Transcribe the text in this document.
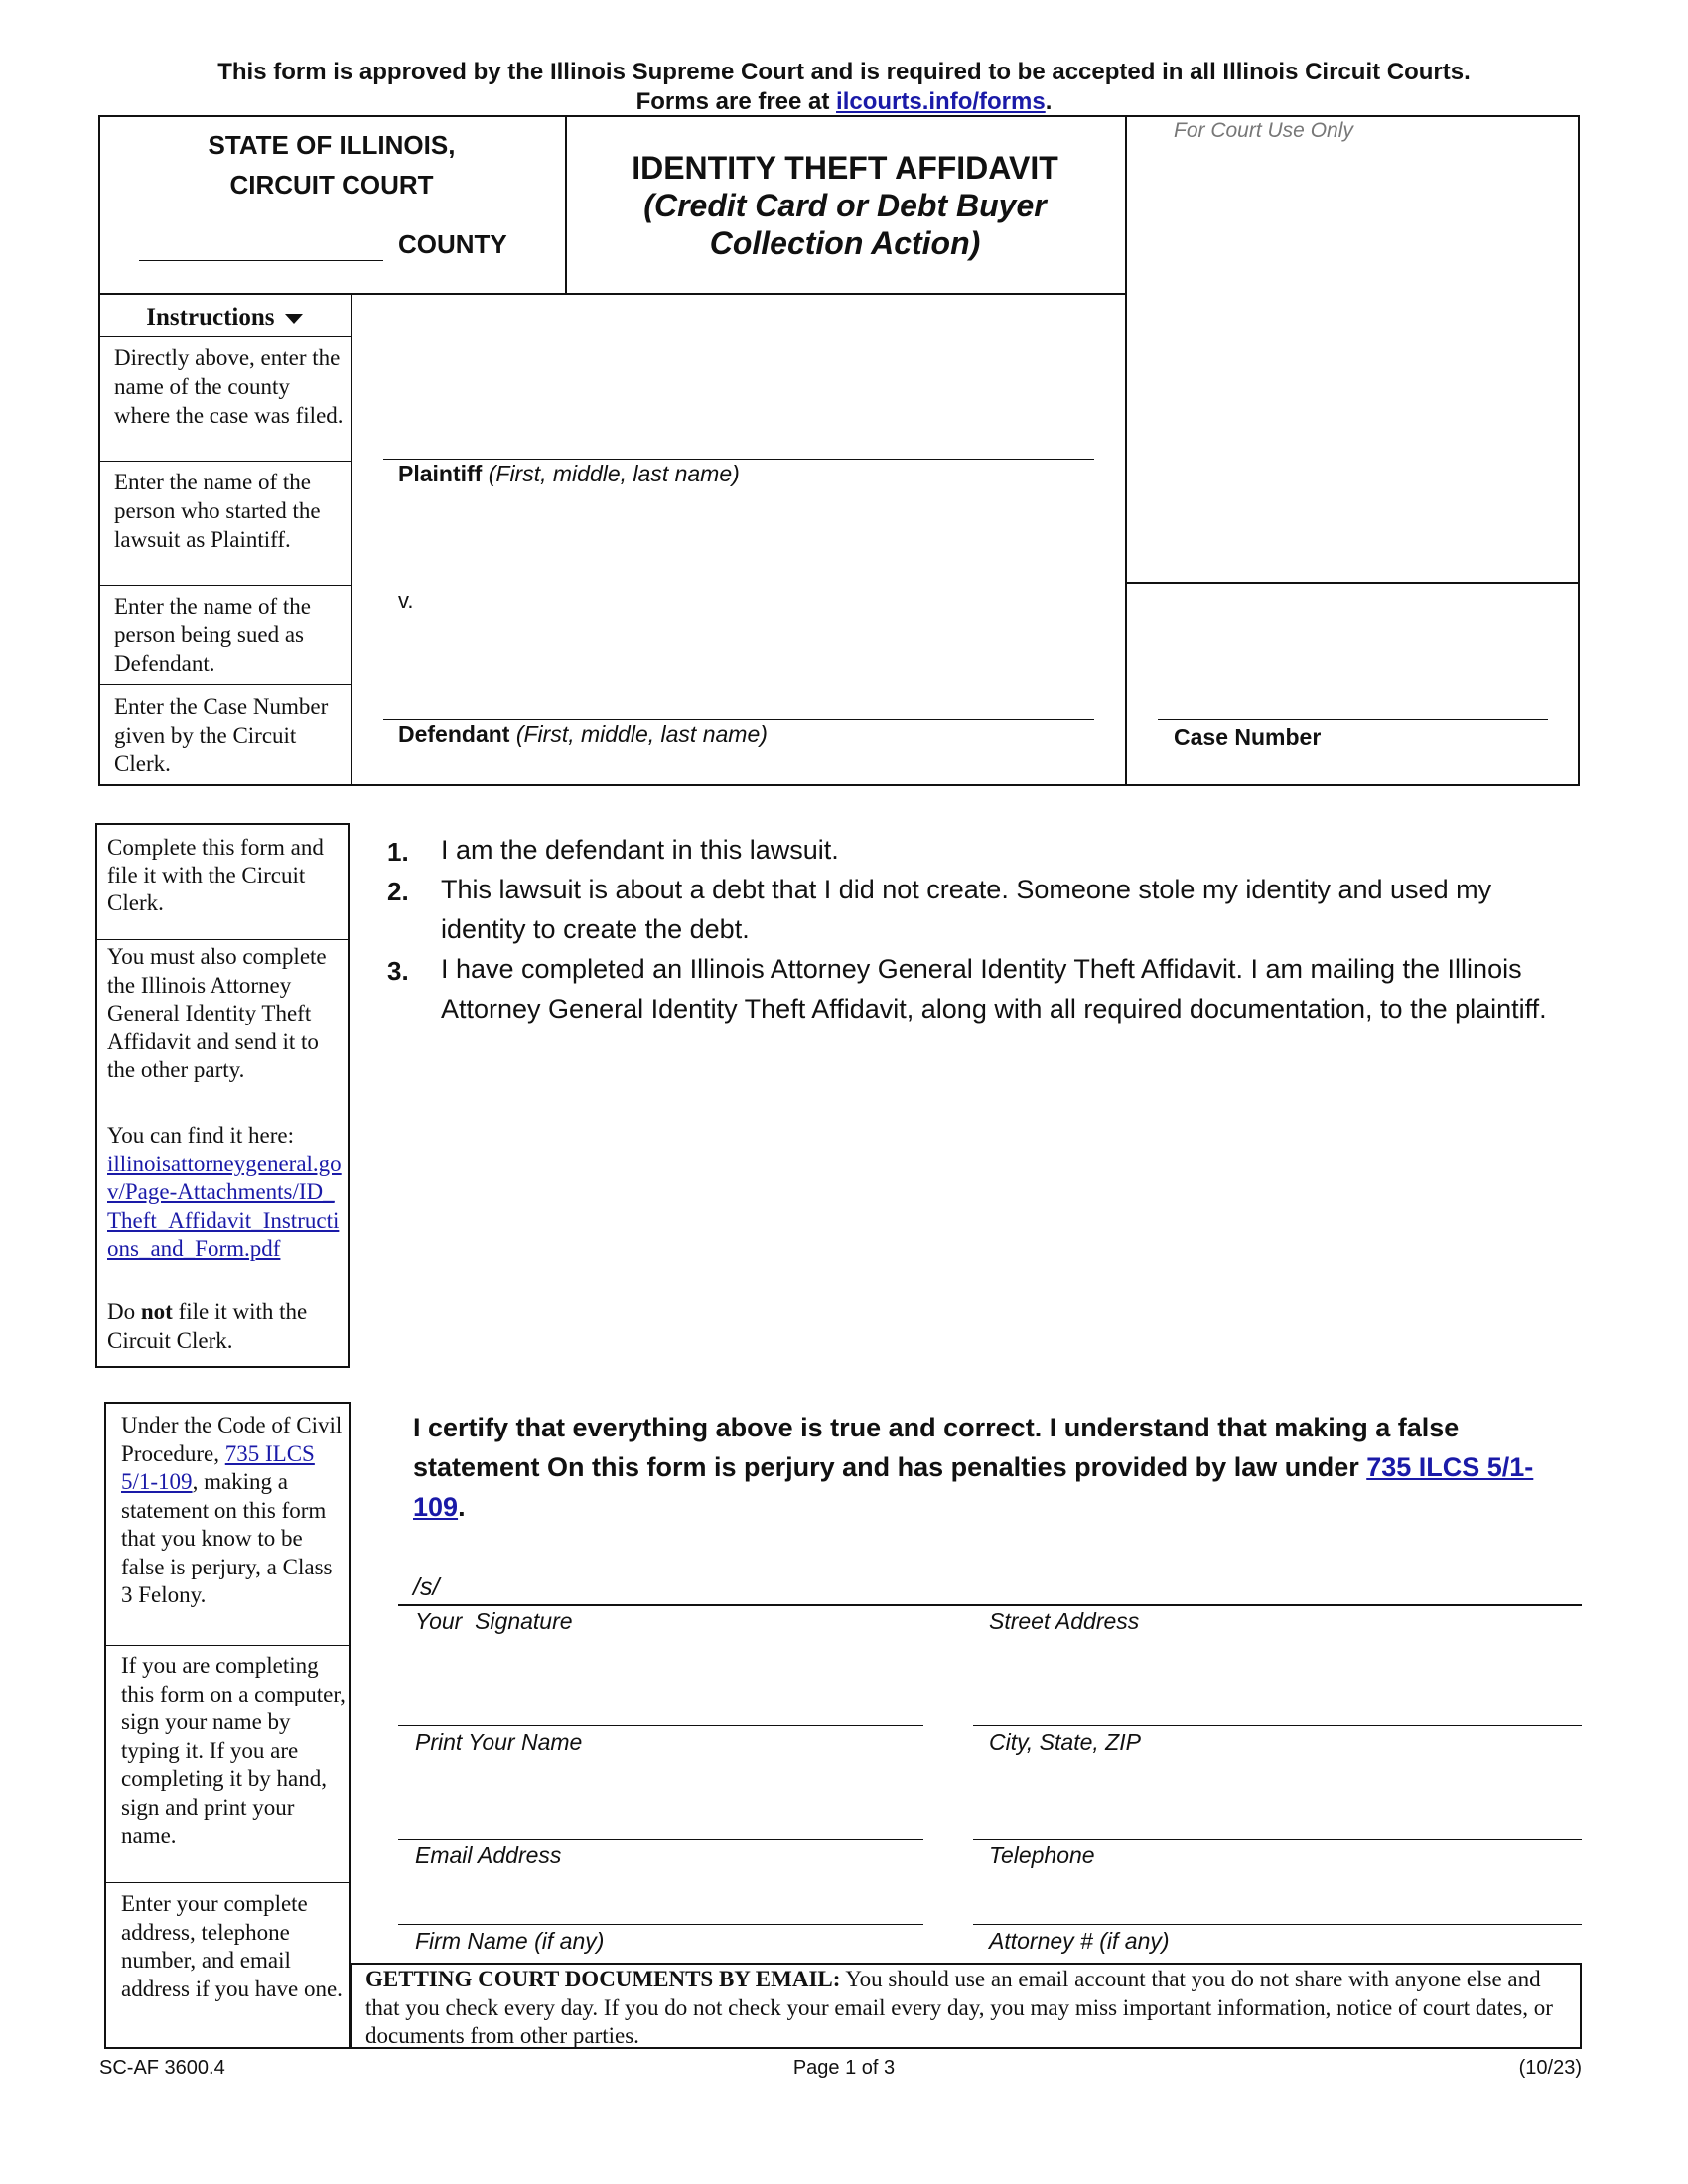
This form is approved by the Illinois Supreme Court and is required to be accepted in all Illinois Circuit Courts.
Forms are free at ilcourts.info/forms.
STATE OF ILLINOIS,
CIRCUIT COURT
COUNTY
IDENTITY THEFT AFFIDAVIT
(Credit Card or Debt Buyer
Collection Action)
For Court Use Only
Instructions
Directly above, enter the name of the county where the case was filed.
Enter the name of the person who started the lawsuit as Plaintiff.
Enter the name of the person being sued as Defendant.
Enter the Case Number given by the Circuit Clerk.
Plaintiff (First, middle, last name)
v.
Defendant (First, middle, last name)	Case Number
Complete this form and file it with the Circuit Clerk.
You must also complete the Illinois Attorney General Identity Theft Affidavit and send it to the other party.
You can find it here:
illinoisattorneygeneral.gov/Page-Attachments/ID_Theft_Affidavit_Instructions_and_Form.pdf
Do not file it with the Circuit Clerk.
1. I am the defendant in this lawsuit.
2. This lawsuit is about a debt that I did not create. Someone stole my identity and used my identity to create the debt.
3. I have completed an Illinois Attorney General Identity Theft Affidavit. I am mailing the Illinois Attorney General Identity Theft Affidavit, along with all required documentation, to the plaintiff.
Under the Code of Civil Procedure, 735 ILCS 5/1-109, making a statement on this form that you know to be false is perjury, a Class 3 Felony.
If you are completing this form on a computer, sign your name by typing it. If you are completing it by hand, sign and print your name.
Enter your complete address, telephone number, and email address if you have one.
I certify that everything above is true and correct. I understand that making a false statement On this form is perjury and has penalties provided by law under 735 ILCS 5/1-109.
/s/
Your  Signature	Street Address
Print Your Name	City, State, ZIP
Email Address	Telephone
Firm Name (if any)	Attorney # (if any)
GETTING COURT DOCUMENTS BY EMAIL: You should use an email account that you do not share with anyone else and that you check every day. If you do not check your email every day, you may miss important information, notice of court dates, or documents from other parties.
SC-AF 3600.4	Page 1 of 3	(10/23)
